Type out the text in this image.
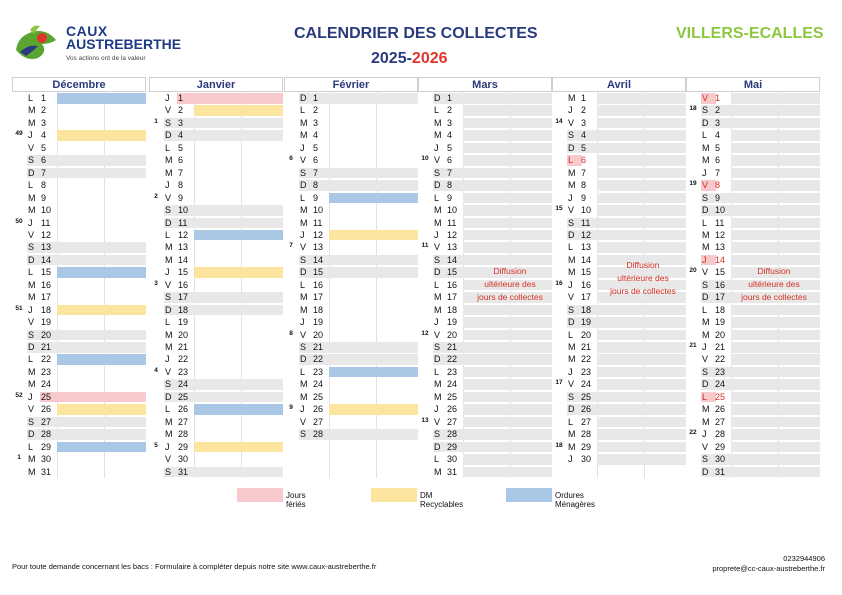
CAUX
AUSTREBERTHE
Vos actions ont de la valeur
CALENDRIER DES COLLECTES
2025-2026
VILLERS-ECALLES
Décembre
L 1
M 2
M 3
49 J 4
V 5
S 6
D 7
L 8
M 9
M 10
50 J 11
V 12
S 13
D 14
L 15
M 16
M 17
51 J 18
V 19
S 20
D 21
L 22
M 23
M 24
52 J 25
V 26
S 27
D 28
L 29
1 M 30
M 31
Janvier
J 1
V 2
1 S 3
D 4
L 5
M 6
M 7
J 8
2 V 9
S 10
D 11
L 12
M 13
M 14
J 15
3 V 16
S 17
D 18
L 19
M 20
M 21
J 22
4 V 23
S 24
D 25
L 26
M 27
M 28
5 J 29
V 30
S 31
Février
D 1
L 2
M 3
M 4
J 5
6 V 6
S 7
D 8
L 9
M 10
M 11
J 12
7 V 13
S 14
D 15
L 16
M 17
M 18
J 19
8 V 20
S 21
D 22
L 23
M 24
M 25
9 J 26
V 27
S 28
Mars
D 1
L 2
M 3
M 4
J 5
10 V 6
S 7
D 8
L 9
M 10
M 11
J 12
11 V 13
S 14
D 15
L 16
M 17
M 18
J 19
12 V 20
S 21
D 22
L 23
M 24
M 25
J 26
13 V 27
S 28
D 29
L 30
M 31
Avril
M 1
J 2
14 V 3
S 4
D 5
L 6
M 7
M 8
J 9
15 V 10
S 11
D 12
L 13
M 14
M 15
16 J 16
V 17
S 18
D 19
L 20
M 21
M 22
J 23
17 V 24
S 25
D 26
L 27
M 28
18 M 29
J 30
Mai
V 1
18 S 2
D 3
L 4
M 5
M 6
J 7
19 V 8
S 9
D 10
L 11
M 12
M 13
J 14
20 V 15
S 16
D 17
L 18
M 19
M 20
21 J 21
V 22
S 23
D 24
L 25
M 26
M 27
22 J 28
V 29
S 30
D 31
Diffusion
ultérieure des
jours de collectes
Diffusion
ultérieure des
jours de collectes
Diffusion
ultérieure des
jours de collectes
Jours fériés
DM Recyclables
Ordures Ménagères
Pour toute demande concernant les bacs : Formulaire à compléter depuis notre site www.caux-austreberthe.fr
0232944906
proprete@cc-caux-austreberthe.fr
